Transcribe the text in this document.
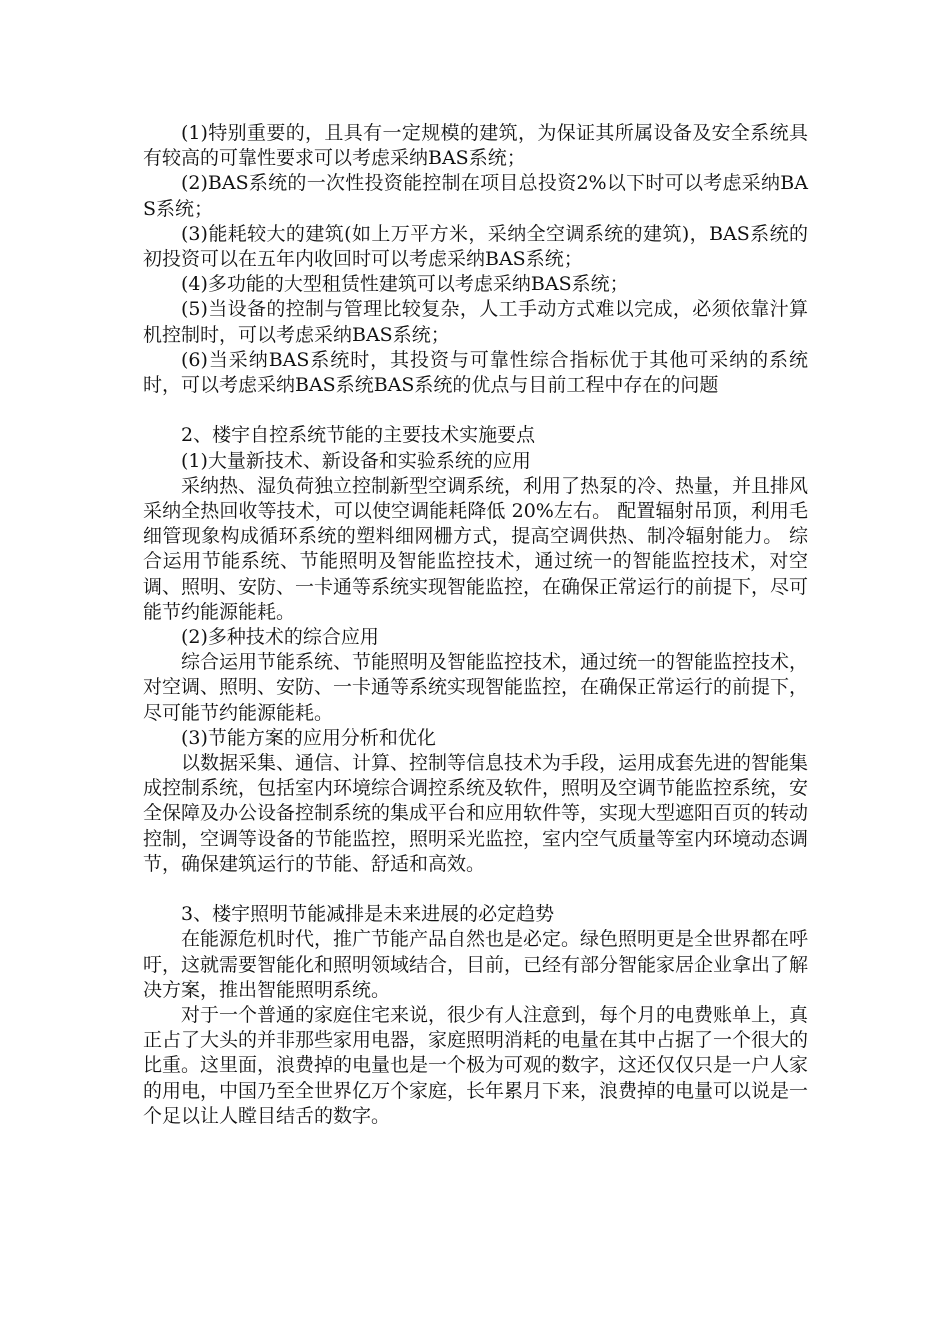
(1)特别重要的，且具有一定规模的建筑，为保证其所属设备及安全系统具有较高的可靠性要求可以考虑采纳BAS系统；

(2)BAS系统的一次性投资能控制在项目总投资2%以下时可以考虑采纳BAS系统；

(3)能耗较大的建筑(如上万平方米，采纳全空调系统的建筑)，BAS系统的初投资可以在五年内收回时可以考虑采纳BAS系统；

(4)多功能的大型租赁性建筑可以考虑采纳BAS系统；

(5)当设备的控制与管理比较复杂，人工手动方式难以完成，必须依靠汁算机控制时，可以考虑采纳BAS系统；

(6)当采纳BAS系统时，其投资与可靠性综合指标优于其他可采纳的系统时，可以考虑采纳BAS系统BAS系统的优点与目前工程中存在的问题

2、楼宇自控系统节能的主要技术实施要点

(1)大量新技术、新设备和实验系统的应用

采纳热、湿负荷独立控制新型空调系统，利用了热泵的冷、热量，并且排风采纳全热回收等技术，可以使空调能耗降低 20%左右。 配置辐射吊顶，利用毛细管现象构成循环系统的塑料细网栅方式，提高空调供热、制冷辐射能力。 综合运用节能系统、节能照明及智能监控技术，通过统一的智能监控技术，对空调、照明、安防、一卡通等系统实现智能监控，在确保正常运行的前提下，尽可能节约能源能耗。

(2)多种技术的综合应用

综合运用节能系统、节能照明及智能监控技术，通过统一的智能监控技术，对空调、照明、安防、一卡通等系统实现智能监控，在确保正常运行的前提下，尽可能节约能源能耗。

(3)节能方案的应用分析和优化

以数据采集、通信、计算、控制等信息技术为手段，运用成套先进的智能集成控制系统，包括室内环境综合调控系统及软件，照明及空调节能监控系统，安全保障及办公设备控制系统的集成平台和应用软件等，实现大型遮阳百页的转动控制，空调等设备的节能监控，照明采光监控，室内空气质量等室内环境动态调节，确保建筑运行的节能、舒适和高效。

3、楼宇照明节能减排是未来进展的必定趋势

在能源危机时代，推广节能产品自然也是必定。绿色照明更是全世界都在呼吁，这就需要智能化和照明领域结合，目前，已经有部分智能家居企业拿出了解决方案，推出智能照明系统。

对于一个普通的家庭住宅来说，很少有人注意到，每个月的电费账单上，真正占了大头的并非那些家用电器，家庭照明消耗的电量在其中占据了一个很大的比重。这里面，浪费掉的电量也是一个极为可观的数字，这还仅仅只是一户人家的用电，中国乃至全世界亿万个家庭，长年累月下来，浪费掉的电量可以说是一个足以让人瞠目结舌的数字。
